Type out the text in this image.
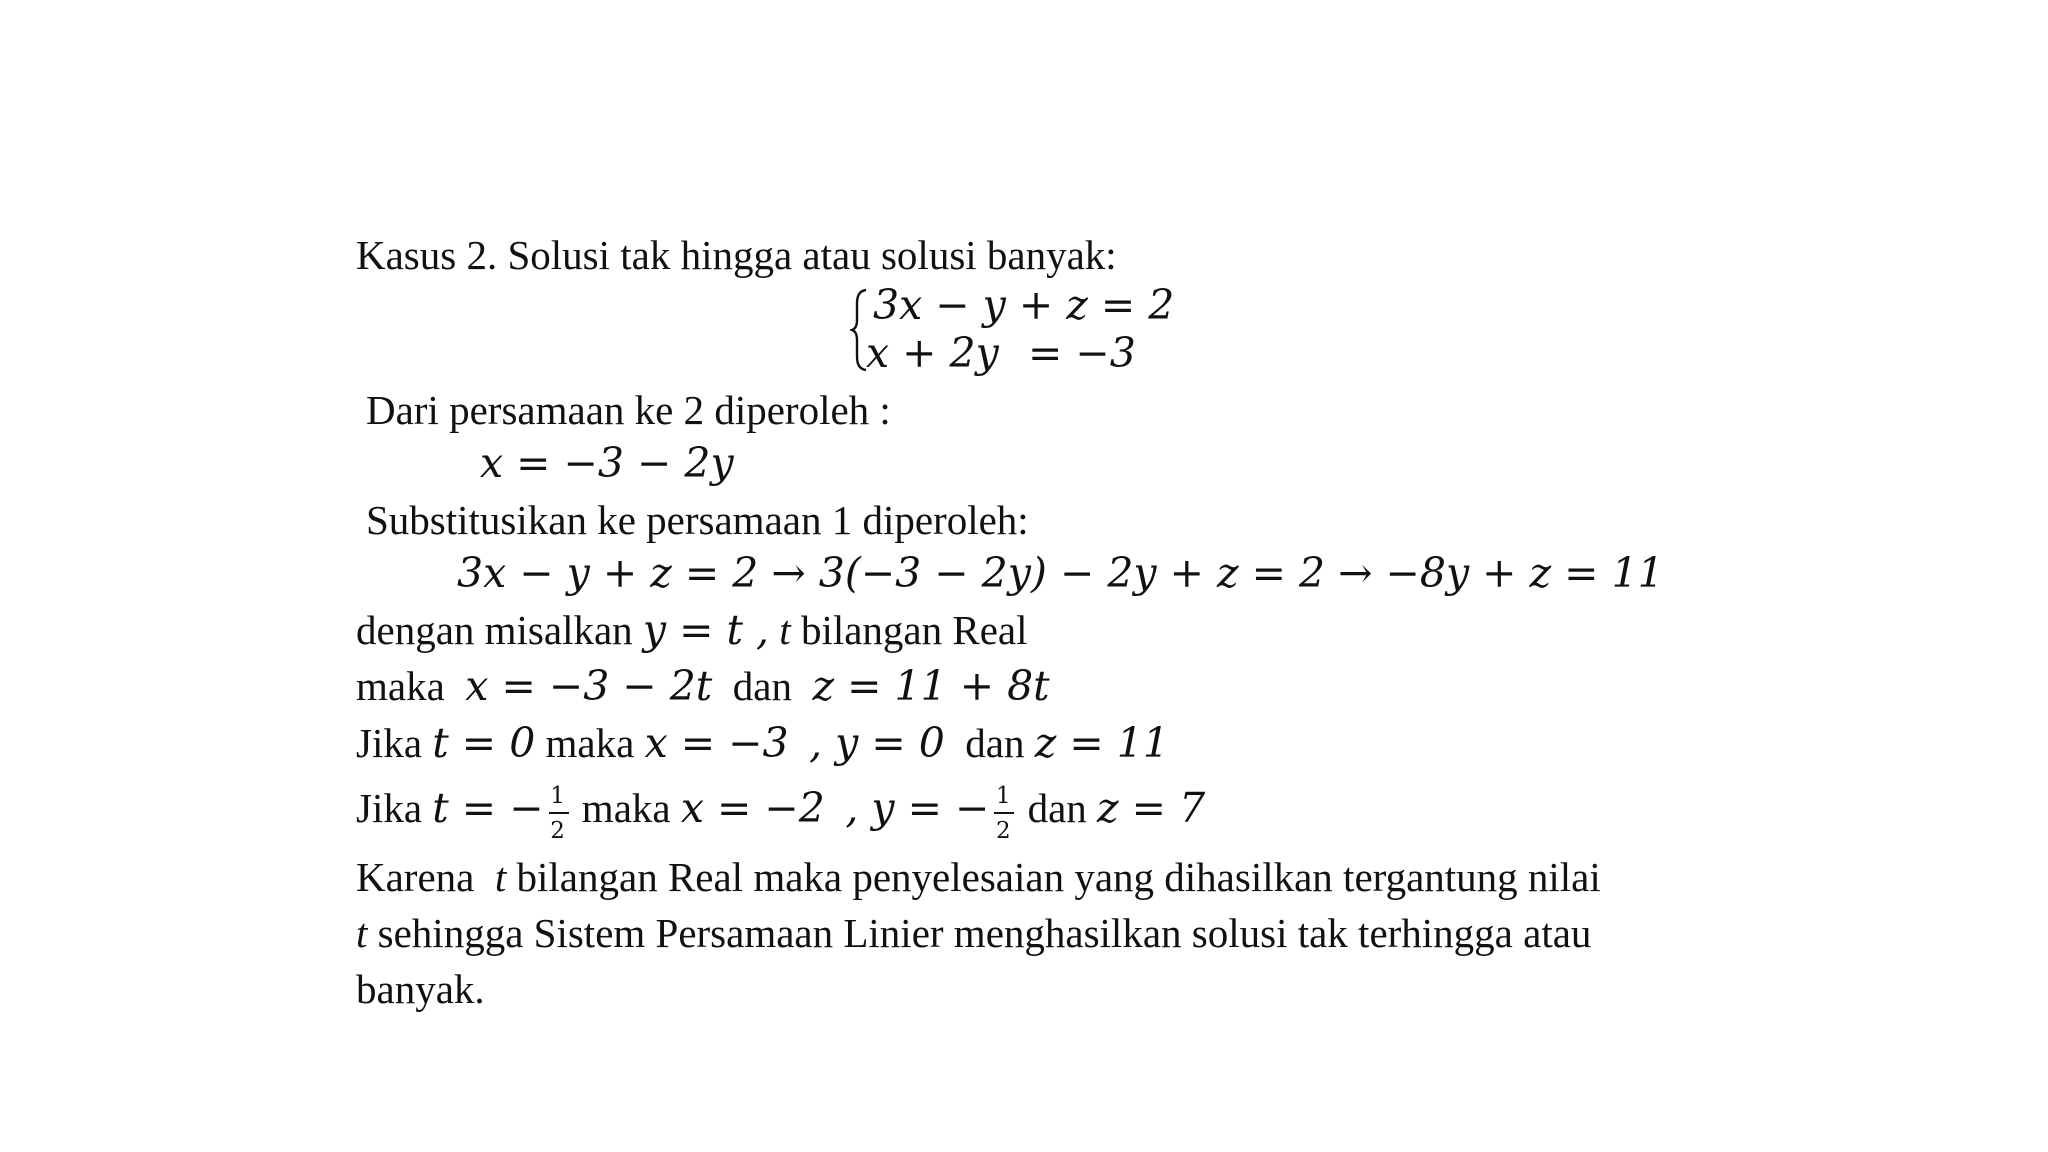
Kasus 2. Solusi tak hingga atau solusi banyak:
3x − y + z = 2
x + 2y = −3
Dari persamaan ke 2 diperoleh :
x = −3 − 2y
Substitusikan ke persamaan 1 diperoleh:
3x − y + z = 2 → 3(−3 − 2y) − 2y + z = 2 → −8y + z = 11
dengan misalkan y = t , t bilangan Real
maka x = −3 − 2t dan z = 11 + 8t
Jika t = 0 maka x = −3 , y = 0 dan z = 11
Jika t = − $\frac{1}{2}$ maka x = −2 , y = − $\frac{1}{2}$ dan z = 7
Karena t bilangan Real maka penyelesaian yang dihasilkan tergantung nilai
t sehingga Sistem Persamaan Linier menghasilkan solusi tak terhingga atau
banyak.
